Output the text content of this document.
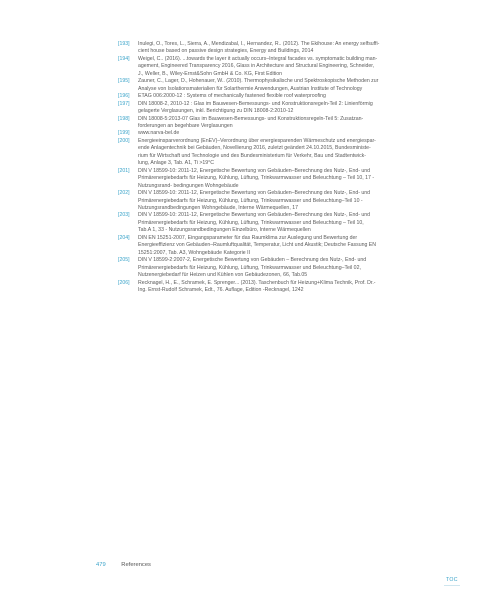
[193]	Inulegi, O., Tores, L., Sierra, A., Mendizabal, I., Hernandez, R.. (2012). The Ekihouse: An energy selfsuffi-
cient house based on passive design strategies, Energy and Buildings, 2014
[194]	Weigel, C.. (2016). ...towards the layer it actually occurs–Integral facades vs. symptomatic building man-
agement, Engineered Transparency 2016, Glass in Architecture and Structural Engineering, Schneider,
J., Weller, B., Wiley-Ernst&Sohn GmbH & Co. KG, First Edition
[195]	Zauner, C., Lager, D., Hohenauer, W.. (2010). Thermophysikalische und Spektroskopische Methoden zur
Analyse von Isolationsmaterialien für Solarthermie Anwendungen, Austrian Institute of Technology
[196]	ETAG 006:2000-12 : Systems of mechanically fastened flexible roof waterproofing
[197]	DIN 18008-2, 2010-12 : Glas im Bauwesen-Bemessungs- und Konstruktionsregeln-Teil 2: Linienförmig
gelagerte Verglasungen, inkl. Berichtigung zu DIN 18008-2:2010-12
[198]	DIN 18008-5:2013-07 Glas im Bauwesen-Bemessungs- und Konstruktionsregeln-Teil 5: Zusatzan-
forderungen an begehbare Verglasungen
[199]	www.narva-bel.de
[200]	Energieeinsparverordnung (EnEV)–Verordnung über energiesparenden Wärmeschutz und energiespar-
ende Anlagentechnik bei Gebäuden, Novellierung 2016, zuletzt geändert 24.10.2015, Bundesministe-
rium für Wirtschaft und Technologie und des Bundesministerium für Verkehr, Bau und Stadtentwick-
lung, Anlage 3, Tab. A1, Ti >19°C
[201]	DIN V 18599-10: 2011-12, Energetische Bewertung von Gebäuden–Berechnung des Nutz-, End- und
Primärenergiebedarfs für Heizung, Kühlung, Lüftung, Trinkwarmwasser und Beleuchtung – Teil 10, 17 -
Nutzungsrand- bedingungen Wohngebäude
[202]	DIN V 18599-10: 2011-12, Energetische Bewertung von Gebäuden–Berechnung des Nutz-, End- und
Primärenergiebedarfs für Heizung, Kühlung, Lüftung, Trinkwarmwasser und Beleuchtung–Teil 10 -
Nutzungsrandbedingungen Wohngebäude, Interne Wärmequellen, 17
[203]	DIN V 18599-10: 2011-12, Energetische Bewertung von Gebäuden–Berechnung des Nutz-, End- und
Primärenergiebedarfs für Heizung, Kühlung, Lüftung, Trinkwarmwasser und Beleuchtung – Teil 10,
Tab.A 1, 33 - Nutzungsrandbedingungen Einzelbüro, Interne Wärmequellen
[204]	DIN EN 15251-2007, Eingangsparameter für das Raumklima zur Auslegung und Bewertung der
Energieeffizienz von Gebäuden–Raumluftqualität, Temperatur, Licht und Akustik; Deutsche Fassung EN
15251:2007, Tab. A3, Wohngebäude Kategorie II
[205]	DIN V 18599-2:2007-2, Energetische Bewertung von Gebäuden – Berechnung des Nutz-, End- und
Primärenergiebedarfs für Heizung, Kühlung, Lüftung, Trinkwarmwasser und Beleuchtung–Teil 02,
Nutzenergiebedarf für Heizen und Kühlen von Gebäudezonen, 66, Tab.05
[206]	Recknagel, H., E., Schramek, E. Sprenger... (2013). Taschenbuch für Heizung+Klima Technik, Prof. Dr.-
Ing. Ernst-Rudolf Schramek, Edt., 76. Auflage, Edition -Recknagel, 1242
479	References
TOC
